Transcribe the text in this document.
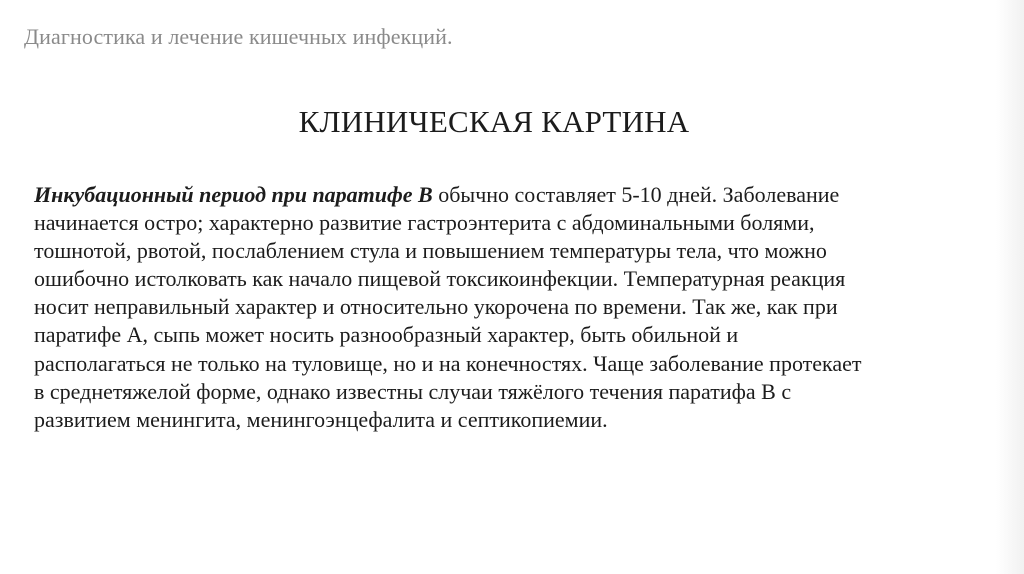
Диагностика и лечение кишечных инфекций.
КЛИНИЧЕСКАЯ КАРТИНА
Инкубационный период при паратифе В обычно составляет 5-10 дней. Заболевание
начинается остро; характерно развитие гастроэнтерита с абдоминальными болями,
тошнотой, рвотой, послаблением стула и повышением температуры тела, что можно
ошибочно истолковать как начало пищевой токсикоинфекции. Температурная реакция
носит неправильный характер и относительно укорочена по времени. Так же, как при
паратифе А, сыпь может носить разнообразный характер, быть обильной и
располагаться не только на туловище, но и на конечностях. Чаще заболевание протекает
в среднетяжелой форме, однако известны случаи тяжёлого течения паратифа В с
развитием менингита, менингоэнцефалита и септикопиемии.
